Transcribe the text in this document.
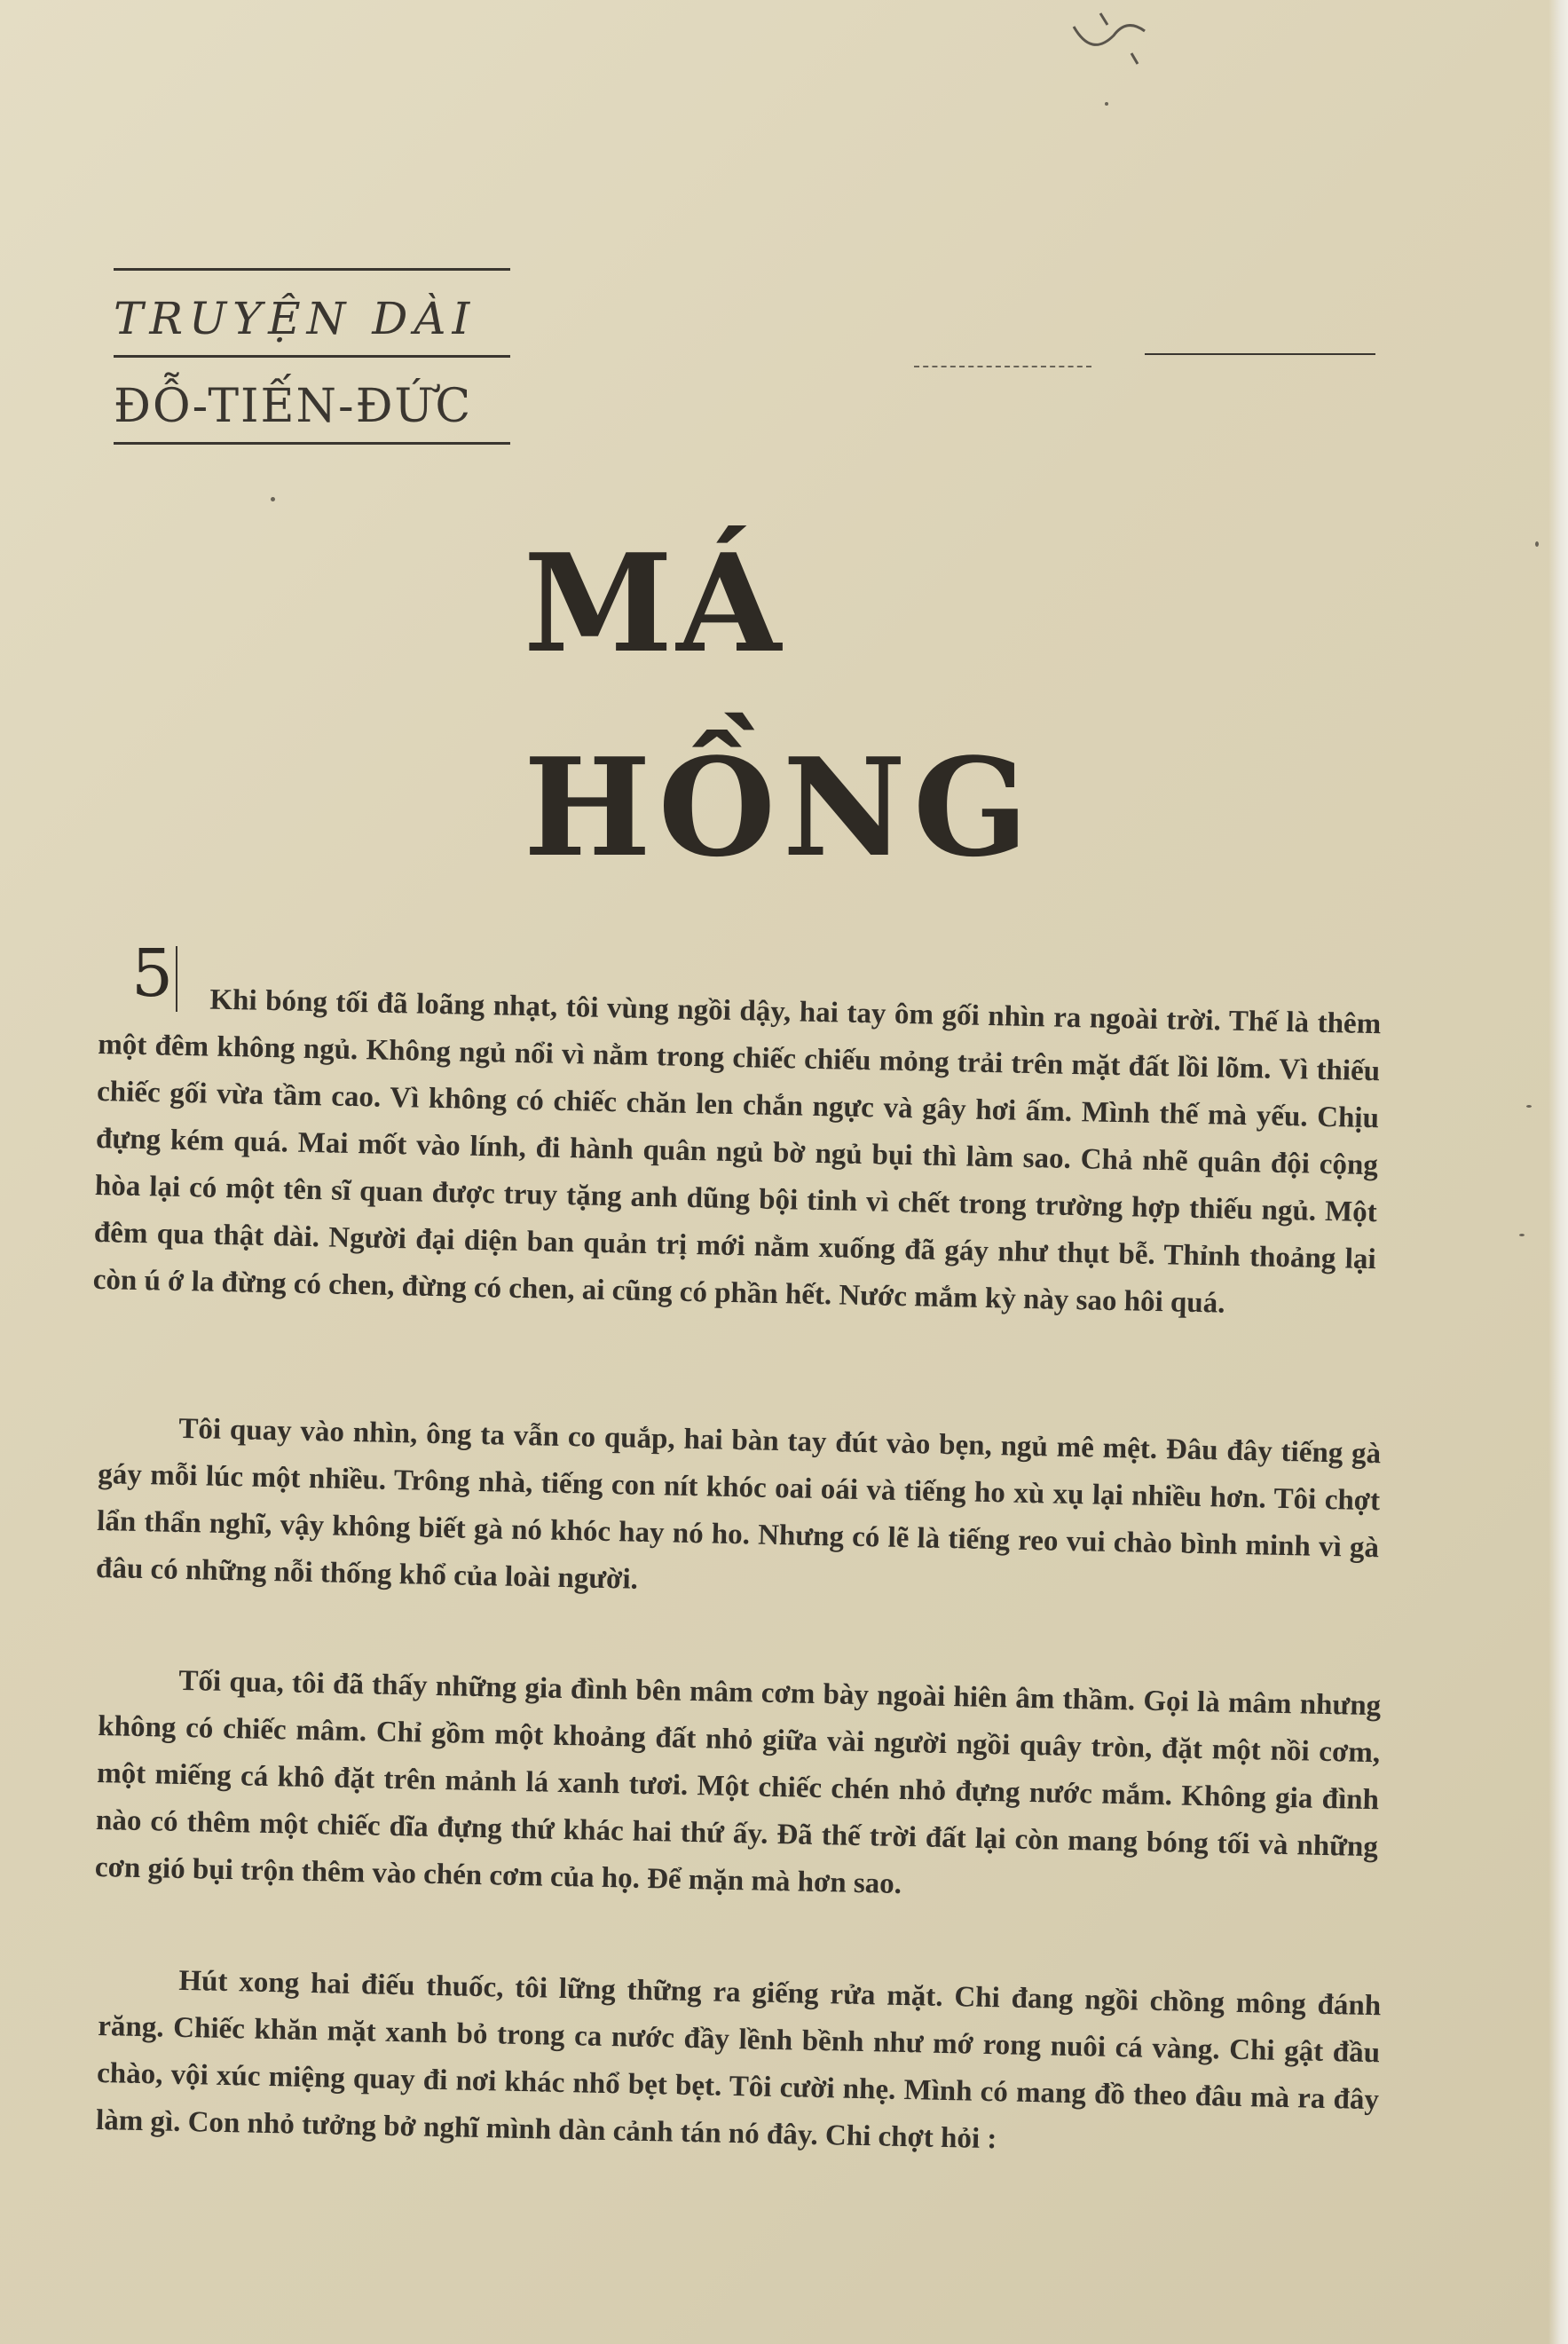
TRUYỆN DÀI
ĐỖ-TIẾN-ĐỨC
MÁ
HỒNG
5

Khi bóng tối đã loãng nhạt, tôi vùng ngồi dậy, hai tay ôm gối nhìn ra ngoài trời. Thế là thêm một đêm không ngủ. Không ngủ nổi vì nằm trong chiếc chiếu mỏng trải trên mặt đất lồi lõm. Vì thiếu chiếc gối vừa tầm cao. Vì không có chiếc chăn len chắn ngực và gây hơi ấm. Mình thế mà yếu. Chịu đựng kém quá. Mai mốt vào lính, đi hành quân ngủ bờ ngủ bụi thì làm sao. Chả nhẽ quân đội cộng hòa lại có một tên sĩ quan được truy tặng anh dũng bội tinh vì chết trong trường hợp thiếu ngủ. Một đêm qua thật dài. Người đại diện ban quản trị mới nằm xuống đã gáy như thụt bễ. Thỉnh thoảng lại còn ú ớ la đừng có chen, đừng có chen, ai cũng có phần hết. Nước mắm kỳ này sao hôi quá.

Tôi quay vào nhìn, ông ta vẫn co quắp, hai bàn tay đút vào bẹn, ngủ mê mệt. Đâu đây tiếng gà gáy mỗi lúc một nhiều. Trông nhà, tiếng con nít khóc oai oái và tiếng ho xù xụ lại nhiều hơn. Tôi chợt lẩn thẩn nghĩ, vậy không biết gà nó khóc hay nó ho. Nhưng có lẽ là tiếng reo vui chào bình minh vì gà đâu có những nỗi thống khổ của loài người.

Tối qua, tôi đã thấy những gia đình bên mâm cơm bày ngoài hiên âm thầm. Gọi là mâm nhưng không có chiếc mâm. Chỉ gồm một khoảng đất nhỏ giữa vài người ngồi quây tròn, đặt một nồi cơm, một miếng cá khô đặt trên mảnh lá xanh tươi. Một chiếc chén nhỏ đựng nước mắm. Không gia đình nào có thêm một chiếc dĩa đựng thứ khác hai thứ ấy. Đã thế trời đất lại còn mang bóng tối và những cơn gió bụi trộn thêm vào chén cơm của họ. Để mặn mà hơn sao.

Hút xong hai điếu thuốc, tôi lững thững ra giếng rửa mặt. Chi đang ngồi chồng mông đánh răng. Chiếc khăn mặt xanh bỏ trong ca nước đầy lềnh bềnh như mớ rong nuôi cá vàng. Chi gật đầu chào, vội xúc miệng quay đi nơi khác nhổ bẹt bẹt. Tôi cười nhẹ. Mình có mang đồ theo đâu mà ra đây làm gì. Con nhỏ tưởng bở nghĩ mình dàn cảnh tán nó đây. Chi chợt hỏi :
